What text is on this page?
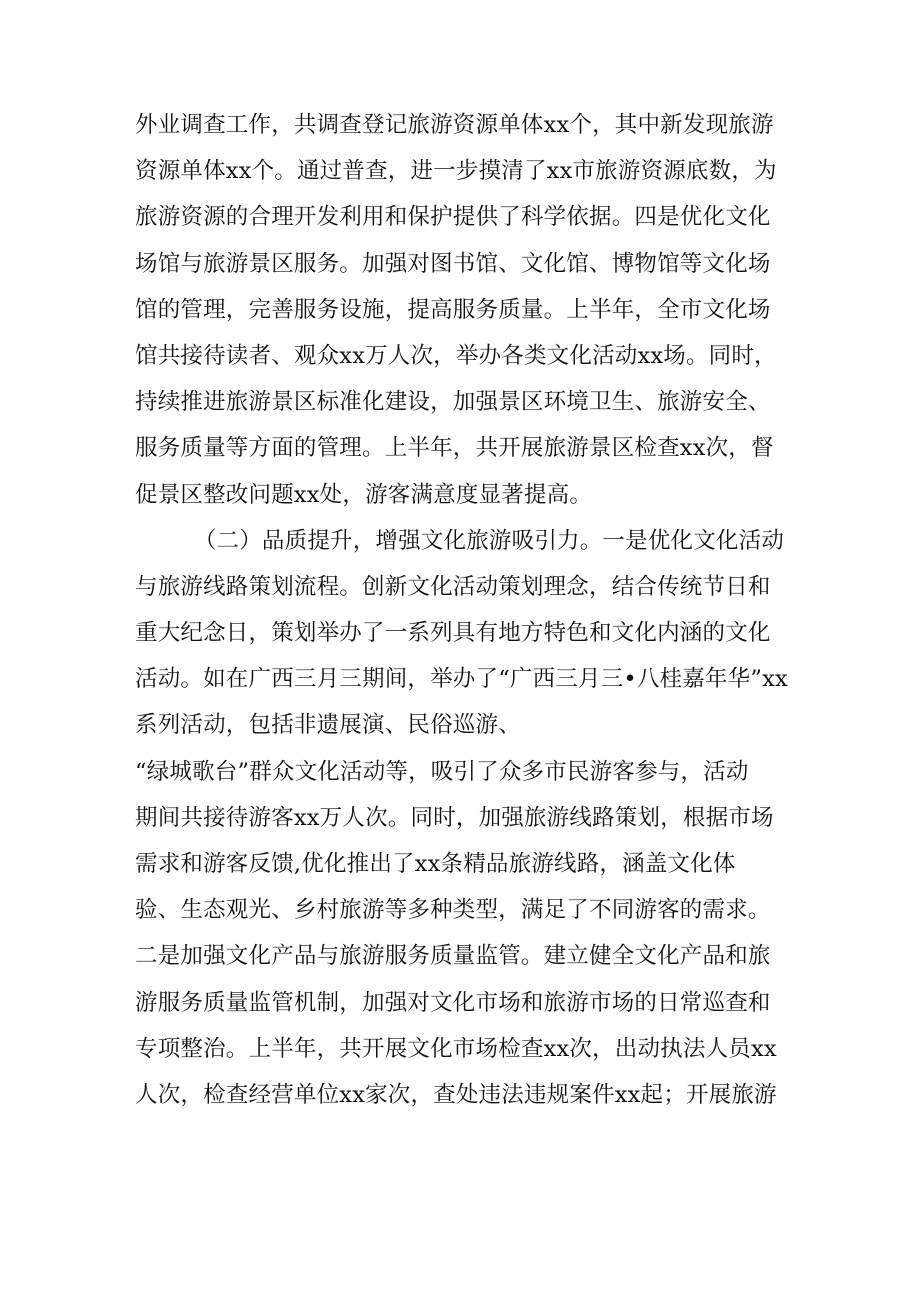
外业调查工作，共调查登记旅游资源单体xx个，其中新发现旅游
资源单体xx个。通过普查，进一步摸清了xx市旅游资源底数，为
旅游资源的合理开发利用和保护提供了科学依据。四是优化文化
场馆与旅游景区服务。加强对图书馆、文化馆、博物馆等文化场
馆的管理，完善服务设施，提高服务质量。上半年，全市文化场
馆共接待读者、观众xx万人次，举办各类文化活动xx场。同时，
持续推进旅游景区标准化建设，加强景区环境卫生、旅游安全、
服务质量等方面的管理。上半年，共开展旅游景区检查xx次，督
促景区整改问题xx处，游客满意度显著提高。
（二）品质提升，增强文化旅游吸引力。一是优化文化活动
与旅游线路策划流程。创新文化活动策划理念，结合传统节日和
重大纪念日，策划举办了一系列具有地方特色和文化内涵的文化
活动。如在广西三月三期间，举办了“广西三月三•八桂嘉年华”xx
系列活动，包括非遗展演、民俗巡游、
“绿城歌台”群众文化活动等，吸引了众多市民游客参与，活动
期间共接待游客xx万人次。同时，加强旅游线路策划，根据市场
需求和游客反馈,优化推出了xx条精品旅游线路，涵盖文化体
验、生态观光、乡村旅游等多种类型，满足了不同游客的需求。
二是加强文化产品与旅游服务质量监管。建立健全文化产品和旅
游服务质量监管机制，加强对文化市场和旅游市场的日常巡查和
专项整治。上半年，共开展文化市场检查xx次，出动执法人员xx
人次，检查经营单位xx家次，查处违法违规案件xx起；开展旅游
